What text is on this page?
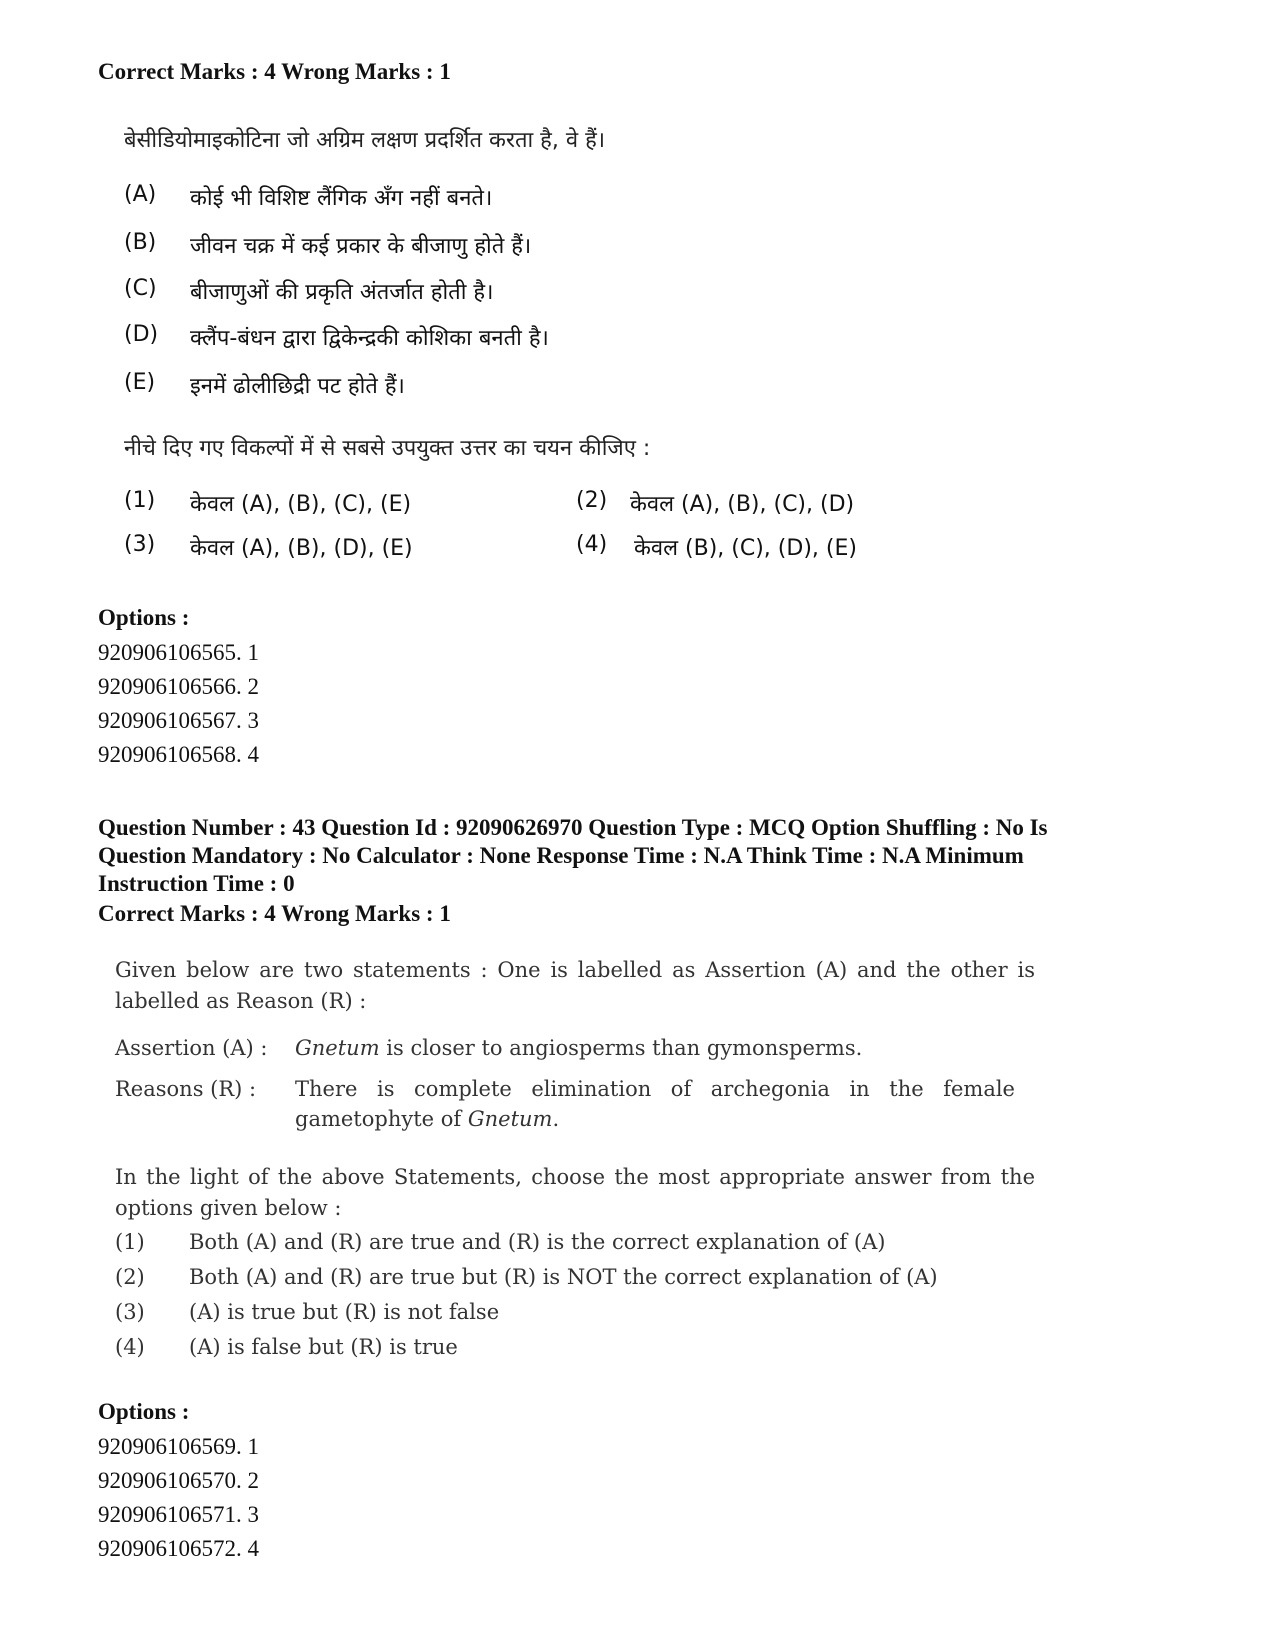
Correct Marks : 4 Wrong Marks : 1
बेसीडियोमाइकोटिना जो अग्रिम लक्षण प्रदर्शित करता है, वे हैं।
(A)	कोई भी विशिष्ट लैंगिक अँग नहीं बनते।
(B)	जीवन चक्र में कई प्रकार के बीजाणु होते हैं।
(C)	बीजाणुओं की प्रकृति अंतर्जात होती है।
(D)	क्लैंप-बंधन द्वारा द्विकेन्द्रकी कोशिका बनती है।
(E)	इनमें ढोलीछिद्री पट होते हैं।
नीचे दिए गए विकल्पों में से सबसे उपयुक्त उत्तर का चयन कीजिए :
(1)	केवल (A), (B), (C), (E)	(2)	केवल (A), (B), (C), (D)
(3)	केवल (A), (B), (D), (E)	(4)	केवल (B), (C), (D), (E)
Options :
920906106565. 1
920906106566. 2
920906106567. 3
920906106568. 4
Question Number : 43 Question Id : 92090626970 Question Type : MCQ Option Shuffling : No Is
Question Mandatory : No Calculator : None Response Time : N.A Think Time : N.A Minimum
Instruction Time : 0
Correct Marks : 4 Wrong Marks : 1
Given below are two statements : One is labelled as Assertion (A) and the other is
labelled as Reason (R) :
Assertion (A) :	Gnetum is closer to angiosperms than gymonsperms.
Reasons (R) :	There is complete elimination of archegonia in the female
gametophyte of Gnetum.
In the light of the above Statements, choose the most appropriate answer from the
options given below :
(1)	Both (A) and (R) are true and (R) is the correct explanation of (A)
(2)	Both (A) and (R) are true but (R) is NOT the correct explanation of (A)
(3)	(A) is true but (R) is not false
(4)	(A) is false but (R) is true
Options :
920906106569. 1
920906106570. 2
920906106571. 3
920906106572. 4
